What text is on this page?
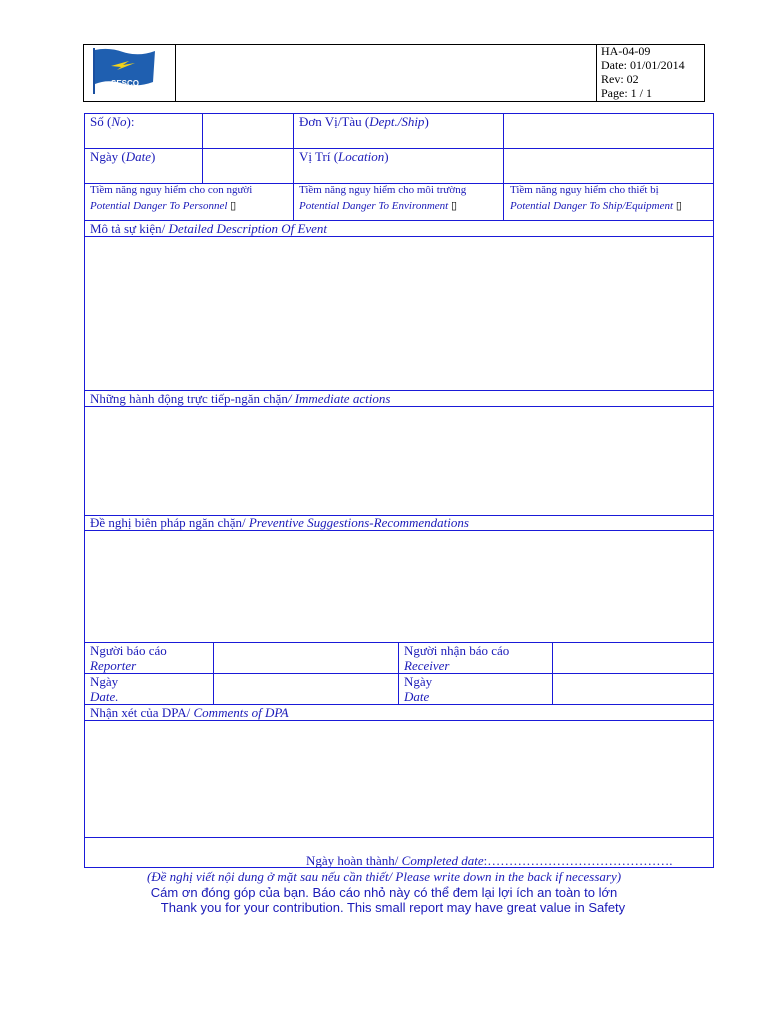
SESCO
HA-04-09
Date: 01/01/2014
Rev: 02
Page: 1 / 1
Số (No):	Đơn Vị/Tàu (Dept./Ship)
Ngày (Date)	Vị Trí (Location)
Tiềm năng nguy hiểm cho con người
Potential Danger To Personnel ▯
Tiềm năng nguy hiểm cho môi trường
Potential Danger To Environment ▯
Tiềm năng nguy hiểm cho thiết bị
Potential Danger To Ship/Equipment ▯
Mô tả sự kiện/ Detailed Description Of Event
Những hành động trực tiếp-ngăn chặn/ Immediate actions
Đề nghị biên pháp ngăn chặn/ Preventive Suggestions-Recommendations
Người báo cáo
Reporter
Người nhận báo cáo
Receiver
Ngày
Date.
Ngày
Date
Nhận xét của DPA/ Comments of DPA
Ngày hoàn thành/ Completed date:…………………………………….
(Đề nghị viết nội dung ở mặt sau nếu cần thiết/ Please write down in the back if necessary)
Cám ơn đóng góp của bạn. Báo cáo nhỏ này có thể đem lại lợi ích an toàn to lớn
Thank you for your contribution. This small report may have great value in Safety
